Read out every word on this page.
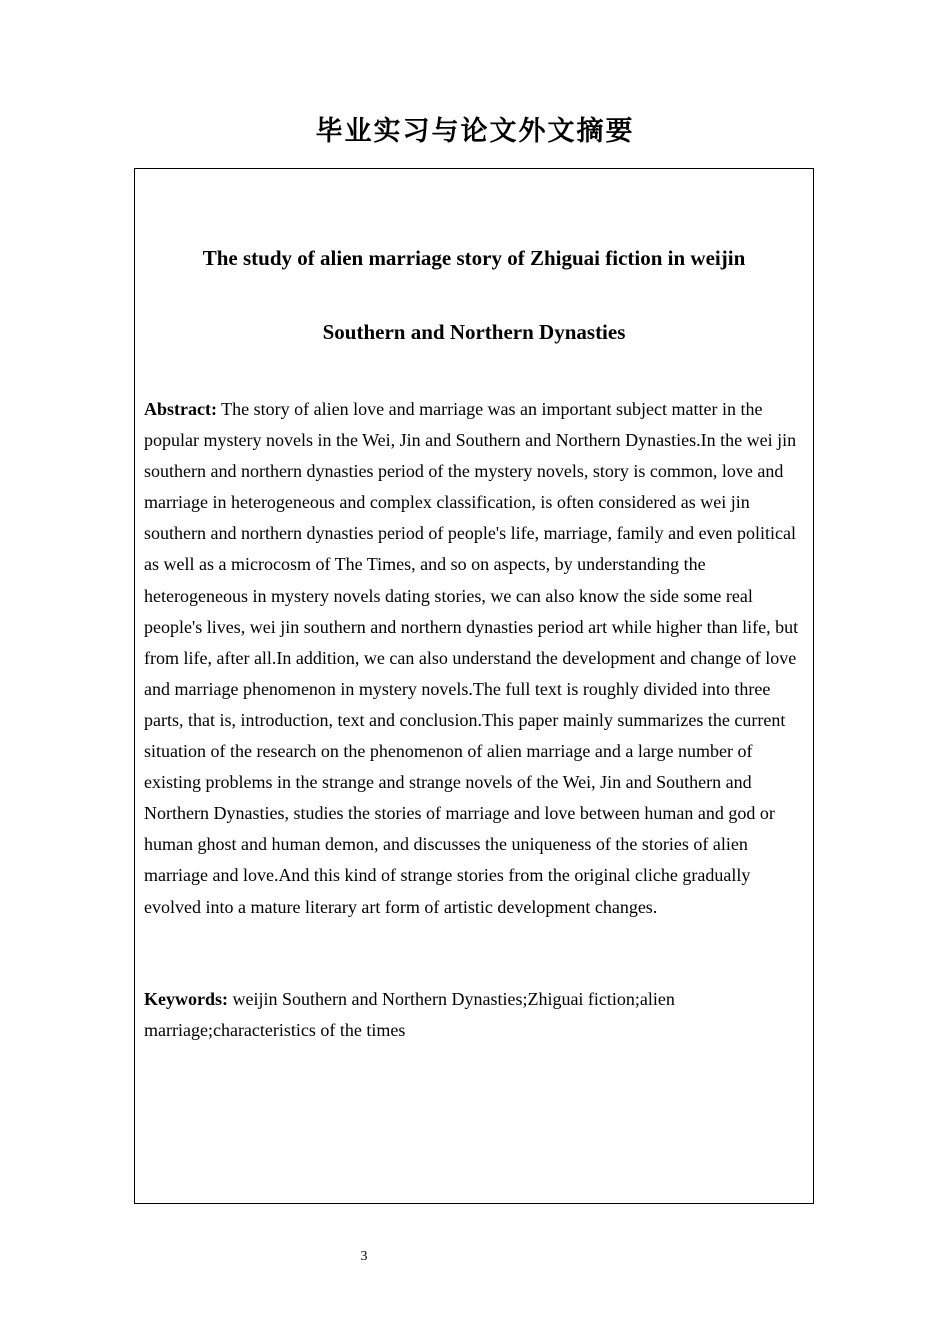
毕业实习与论文外文摘要
The study of alien marriage story of Zhiguai fiction in weijin
Southern and Northern Dynasties

Abstract: The story of alien love and marriage was an important subject matter in the popular mystery novels in the Wei, Jin and Southern and Northern Dynasties.In the wei jin southern and northern dynasties period of the mystery novels, story is common, love and marriage in heterogeneous and complex classification, is often considered as wei jin southern and northern dynasties period of people's life, marriage, family and even political as well as a microcosm of The Times, and so on aspects, by understanding the heterogeneous in mystery novels dating stories, we can also know the side some real people's lives, wei jin southern and northern dynasties period art while higher than life, but from life, after all.In addition, we can also understand the development and change of love and marriage phenomenon in mystery novels.The full text is roughly divided into three parts, that is, introduction, text and conclusion.This paper mainly summarizes the current situation of the research on the phenomenon of alien marriage and a large number of existing problems in the strange and strange novels of the Wei, Jin and Southern and Northern Dynasties, studies the stories of marriage and love between human and god or human ghost and human demon, and discusses the uniqueness of the stories of alien marriage and love.And this kind of strange stories from the original cliche gradually evolved into a mature literary art form of artistic development changes.

Keywords: weijin Southern and Northern Dynasties;Zhiguai fiction;alien marriage;characteristics of the times

3
